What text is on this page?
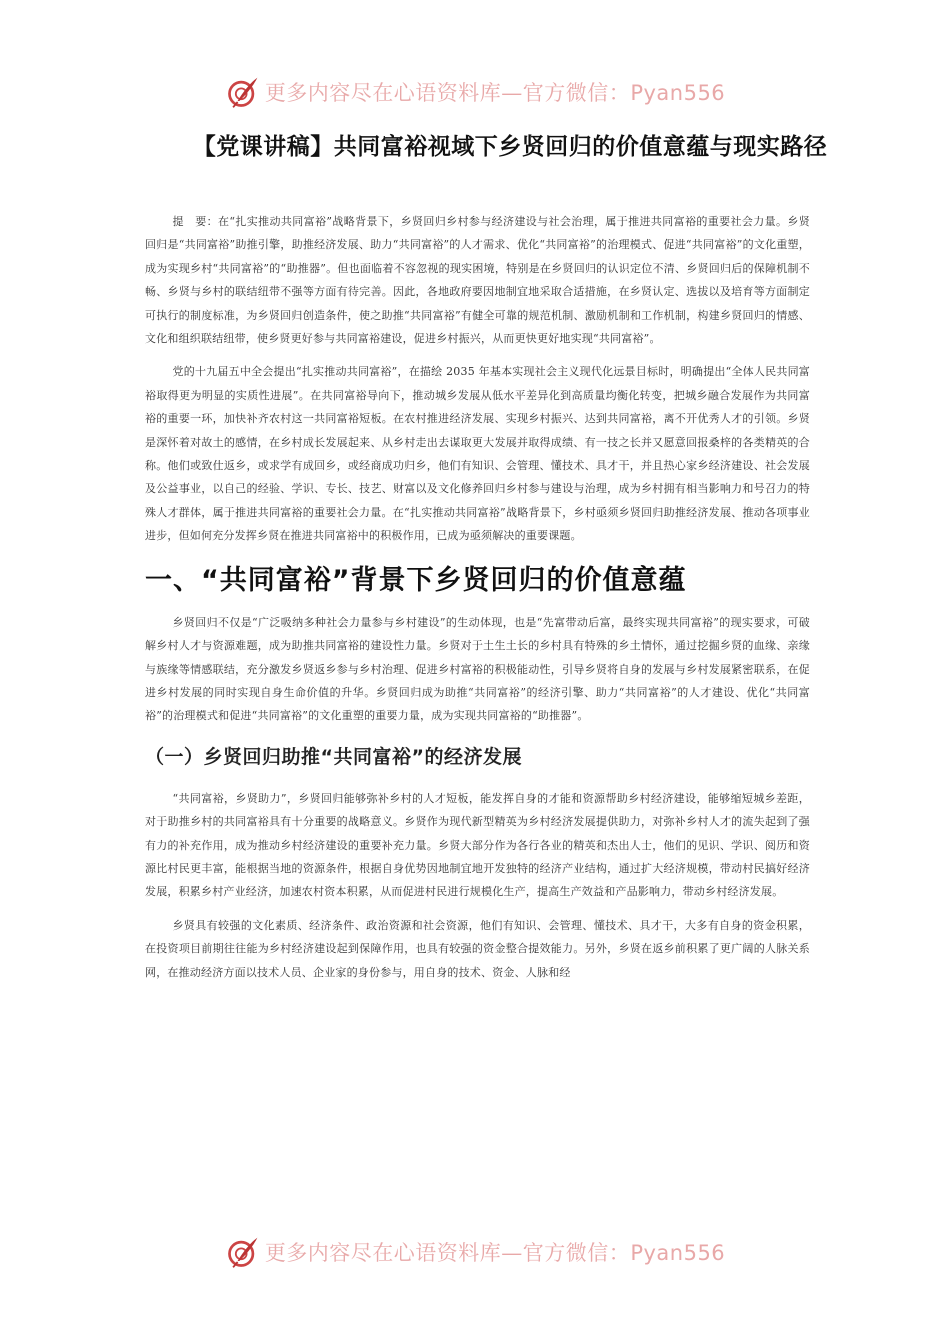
更多内容尽在心语资料库—官方微信：Pyan556
【党课讲稿】共同富裕视域下乡贤回归的价值意蕴与现实路径

提　要：在“扎实推动共同富裕”战略背景下，乡贤回归乡村参与经济建设与社会治理，属于推进共同富裕的重要社会力量。乡贤回归是“共同富裕”助推引擎，助推经济发展、助力“共同富裕”的人才需求、优化“共同富裕”的治理模式、促进“共同富裕”的文化重塑，成为实现乡村“共同富裕”的“助推器”。但也面临着不容忽视的现实困境，特别是在乡贤回归的认识定位不清、乡贤回归后的保障机制不畅、乡贤与乡村的联结纽带不强等方面有待完善。因此，各地政府要因地制宜地采取合适措施，在乡贤认定、选拔以及培育等方面制定可执行的制度标准，为乡贤回归创造条件，使之助推“共同富裕”有健全可靠的规范机制、激励机制和工作机制，构建乡贤回归的情感、文化和组织联结纽带，使乡贤更好参与共同富裕建设，促进乡村振兴，从而更快更好地实现“共同富裕”。

党的十九届五中全会提出“扎实推动共同富裕”，在描绘 2035 年基本实现社会主义现代化远景目标时，明确提出“全体人民共同富裕取得更为明显的实质性进展”。在共同富裕导向下，推动城乡发展从低水平差异化到高质量均衡化转变，把城乡融合发展作为共同富裕的重要一环，加快补齐农村这一共同富裕短板。在农村推进经济发展、实现乡村振兴、达到共同富裕，离不开优秀人才的引领。乡贤是深怀着对故土的感情，在乡村成长发展起来、从乡村走出去谋取更大发展并取得成绩、有一技之长并又愿意回报桑梓的各类精英的合称。他们或致仕返乡，或求学有成回乡，或经商成功归乡，他们有知识、会管理、懂技术、具才干，并且热心家乡经济建设、社会发展及公益事业，以自己的经验、学识、专长、技艺、财富以及文化修养回归乡村参与建设与治理，成为乡村拥有相当影响力和号召力的特殊人才群体，属于推进共同富裕的重要社会力量。在“扎实推动共同富裕”战略背景下，乡村亟须乡贤回归助推经济发展、推动各项事业进步，但如何充分发挥乡贤在推进共同富裕中的积极作用，已成为亟须解决的重要课题。

一、“共同富裕”背景下乡贤回归的价值意蕴

乡贤回归不仅是“广泛吸纳多种社会力量参与乡村建设”的生动体现，也是“先富带动后富，最终实现共同富裕”的现实要求，可破解乡村人才与资源难题，成为助推共同富裕的建设性力量。乡贤对于土生土长的乡村具有特殊的乡土情怀，通过挖掘乡贤的血缘、亲缘与族缘等情感联结，充分激发乡贤返乡参与乡村治理、促进乡村富裕的积极能动性，引导乡贤将自身的发展与乡村发展紧密联系，在促进乡村发展的同时实现自身生命价值的升华。乡贤回归成为助推“共同富裕”的经济引擎、助力“共同富裕”的人才建设、优化“共同富裕”的治理模式和促进“共同富裕”的文化重塑的重要力量，成为实现共同富裕的“助推器”。

（一）乡贤回归助推“共同富裕”的经济发展

“共同富裕，乡贤助力”，乡贤回归能够弥补乡村的人才短板，能发挥自身的才能和资源帮助乡村经济建设，能够缩短城乡差距，对于助推乡村的共同富裕具有十分重要的战略意义。乡贤作为现代新型精英为乡村经济发展提供助力，对弥补乡村人才的流失起到了强有力的补充作用，成为推动乡村经济建设的重要补充力量。乡贤大部分作为各行各业的精英和杰出人士，他们的见识、学识、阅历和资源比村民更丰富，能根据当地的资源条件，根据自身优势因地制宜地开发独特的经济产业结构，通过扩大经济规模，带动村民搞好经济发展，积累乡村产业经济，加速农村资本积累，从而促进村民进行规模化生产，提高生产效益和产品影响力，带动乡村经济发展。

乡贤具有较强的文化素质、经济条件、政治资源和社会资源，他们有知识、会管理、懂技术、具才干，大多有自身的资金积累，在投资项目前期往往能为乡村经济建设起到保障作用，也具有较强的资金整合提效能力。另外，乡贤在返乡前积累了更广阔的人脉关系网，在推动经济方面以技术人员、企业家的身份参与，用自身的技术、资金、人脉和经

更多内容尽在心语资料库—官方微信：Pyan556
